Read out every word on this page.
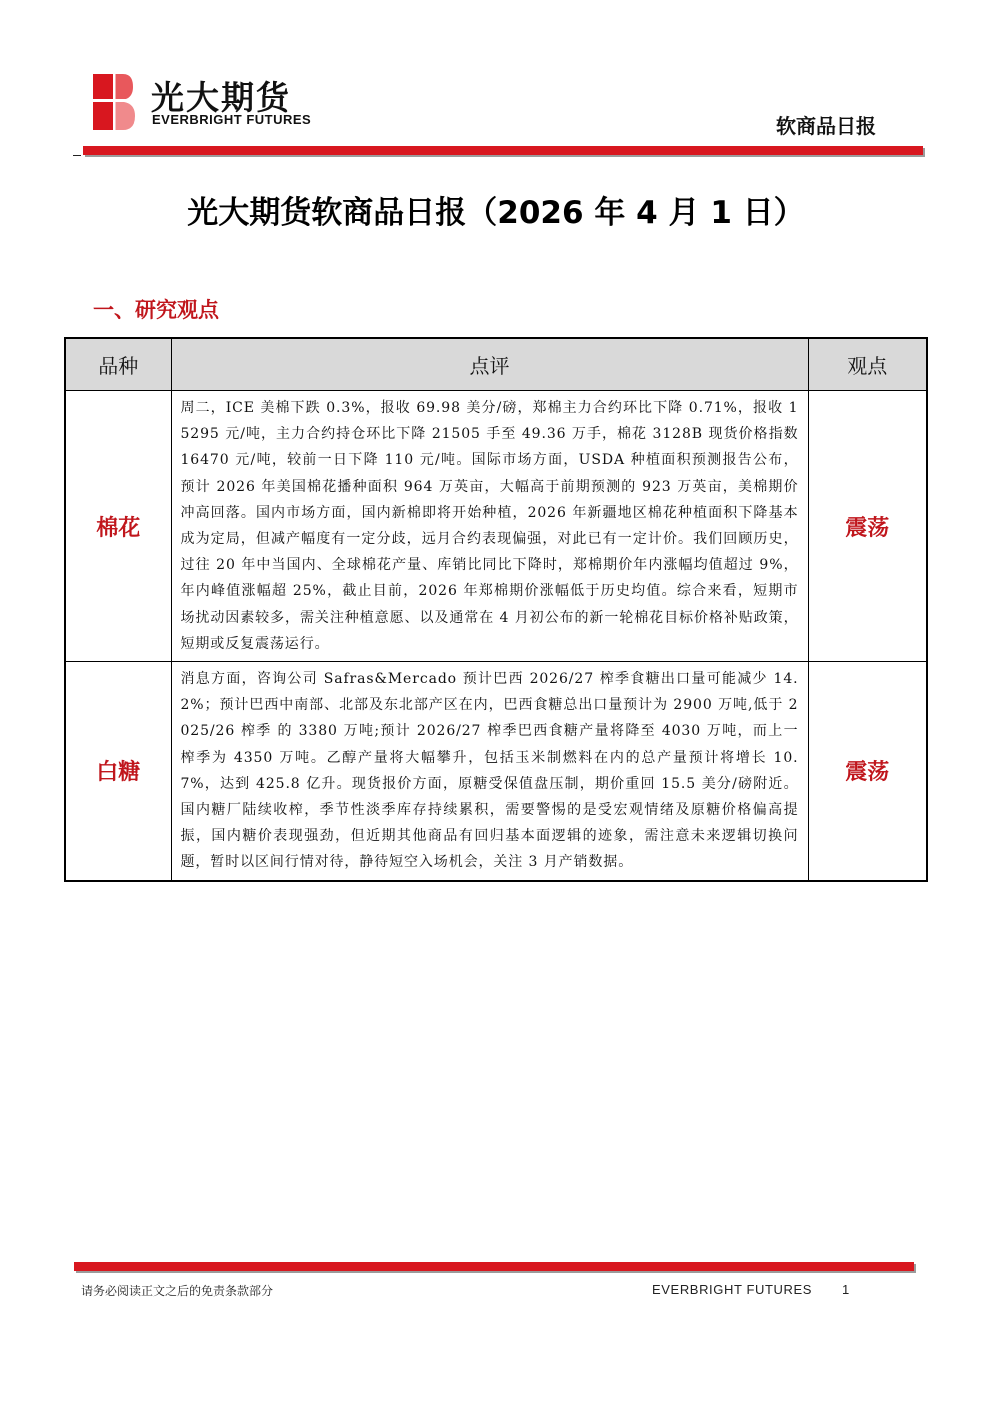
光大期货
EVERBRIGHT FUTURES	软商品日报
光大期货软商品日报（2026 年 4 月 1 日）
一、研究观点
品种	点评	观点
棉花	周二，ICE 美棉下跌 0.3%，报收 69.98 美分/磅，郑棉主力合约环比下降 0.71%，报收 15295 元/吨，主力合约持仓环比下降 21505 手至 49.36 万手，棉花 3128B 现货价格指数 16470 元/吨，较前一日下降 110 元/吨。国际市场方面，USDA 种植面积预测报告公布，预计 2026 年美国棉花播种面积 964 万英亩，大幅高于前期预测的 923 万英亩，美棉期价冲高回落。国内市场方面，国内新棉即将开始种植，2026 年新疆地区棉花种植面积下降基本成为定局，但减产幅度有一定分歧，远月合约表现偏强，对此已有一定计价。我们回顾历史，过往 20 年中当国内、全球棉花产量、库销比同比下降时，郑棉期价年内涨幅均值超过 9%，年内峰值涨幅超 25%，截止目前，2026 年郑棉期价涨幅低于历史均值。综合来看，短期市场扰动因素较多，需关注种植意愿、以及通常在 4 月初公布的新一轮棉花目标价格补贴政策，短期或反复震荡运行。	震荡
白糖	消息方面，咨询公司 Safras&Mercado 预计巴西 2026/27 榨季食糖出口量可能减少 14.2%；预计巴西中南部、北部及东北部产区在内，巴西食糖总出口量预计为 2900 万吨,低于 2025/26 榨季 的 3380 万吨;预计 2026/27 榨季巴西食糖产量将降至 4030 万吨，而上一榨季为 4350 万吨。乙醇产量将大幅攀升，包括玉米制燃料在内的总产量预计将增长 10.7%，达到 425.8 亿升。现货报价方面，原糖受保值盘压制，期价重回 15.5 美分/磅附近。国内糖厂陆续收榨，季节性淡季库存持续累积，需要警惕的是受宏观情绪及原糖价格偏高提振，国内糖价表现强劲，但近期其他商品有回归基本面逻辑的迹象，需注意未来逻辑切换问题，暂时以区间行情对待，静待短空入场机会，关注 3 月产销数据。	震荡
请务必阅读正文之后的免责条款部分	EVERBRIGHT FUTURES 1
